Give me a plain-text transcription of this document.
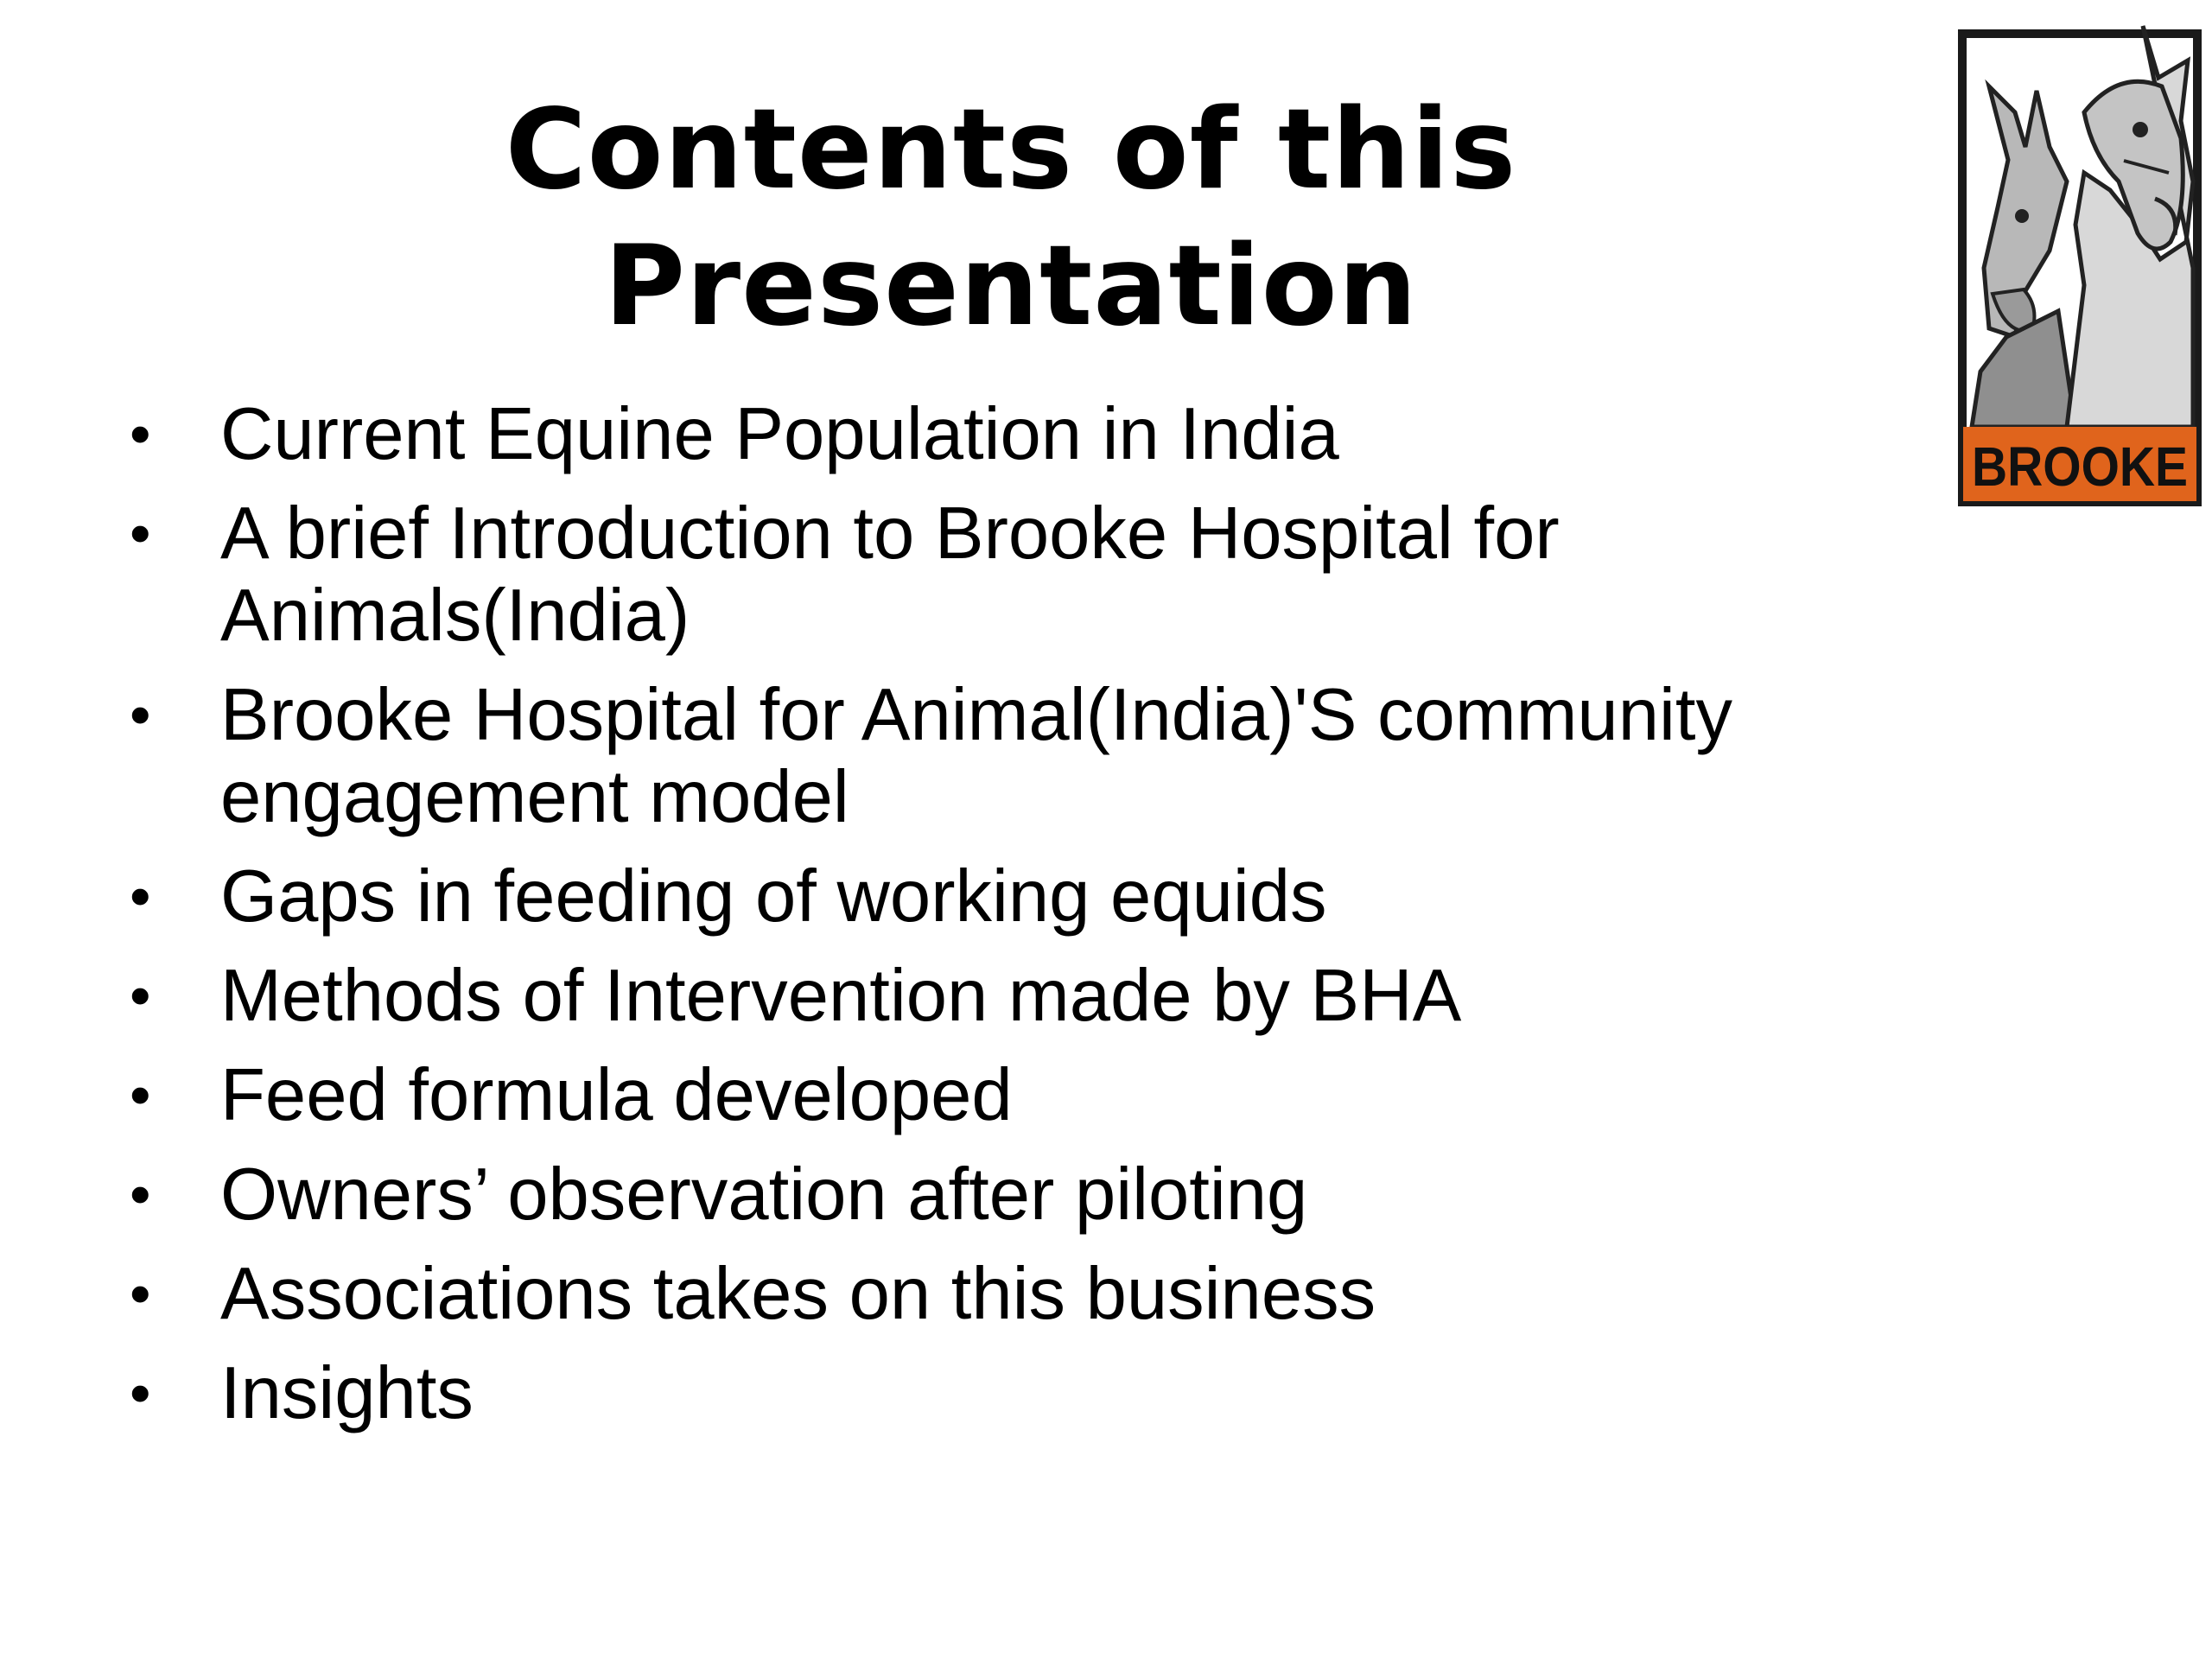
Contents of this
Presentation
• Current Equine Population in India
• A brief Introduction to Brooke Hospital for Animals(India)
• Brooke Hospital for Animal(India)'S community engagement model
• Gaps in feeding of working equids
• Methods of Intervention made by BHA
• Feed formula developed
• Owners’ observation after piloting
• Associations takes on this business
• Insights
BROOKE
